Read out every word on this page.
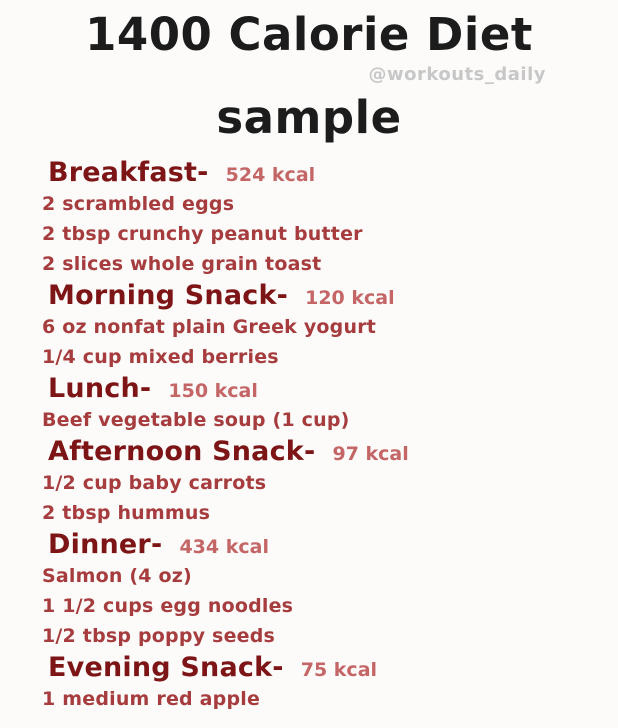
1400 Calorie Diet
@workouts_daily
sample
Breakfast- 524 kcal
2 scrambled eggs
2 tbsp crunchy peanut butter
2 slices whole grain toast
Morning Snack- 120 kcal
6 oz nonfat plain Greek yogurt
1/4 cup mixed berries
Lunch- 150 kcal
Beef vegetable soup (1 cup)
Afternoon Snack- 97 kcal
1/2 cup baby carrots
2 tbsp hummus
Dinner- 434 kcal
Salmon (4 oz)
1 1/2 cups egg noodles
1/2 tbsp poppy seeds
Evening Snack- 75 kcal
1 medium red apple
